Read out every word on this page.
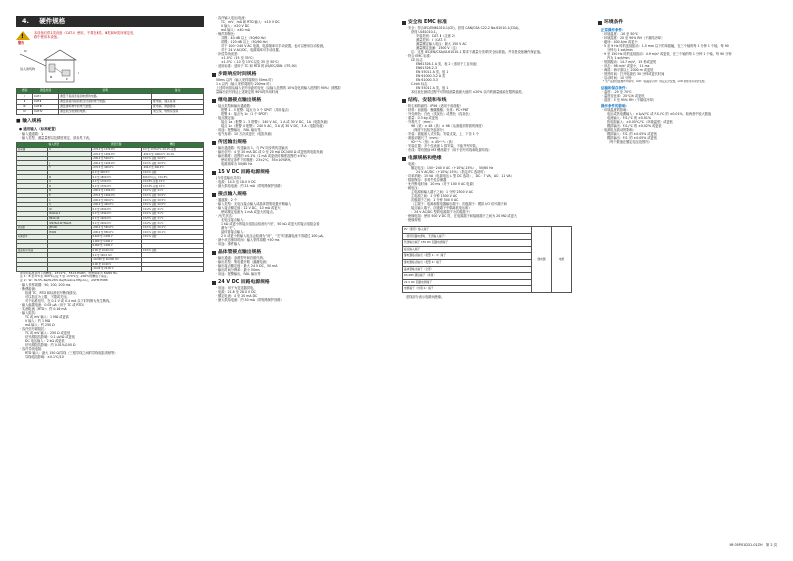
4. 硬件规格
!
警告
本设备仅供1类设备（CAT.I）使用，不要在Ⅱ类、Ⅲ类和Ⅳ类所规定电
路中使用本设备。
Ⅳ
Ⅲ	Ⅱ
Ⅰ
进入建筑物
类别	测量类别	说明	备注
Ⅰ	CAT.Ⅰ	测量不直接连接到电源的电路。	
Ⅱ	CAT.Ⅱ	测量直接连接到低压设备的电气电路。	配电板、插头座等
Ⅲ	CAT.Ⅲ	测量建筑物中的电气装置。	配电板、断路器等
Ⅳ	CAT.Ⅳ	测量低压电源的电源。	架空线、电缆系统等
■ 输入规格
● 通用输入（标准配置）
· 输入通道数：1
· 输入类型、测量量程以及精度规定，请参见下表。
输入类型		测量范围	精度
热电偶	K	-270.0 至 1370.0℃	0.0 至 1370.0℃ ±0.1% 读数
		-270.0 至 1000.0℃	-200.0 至 1000.0℃ ±0.1%
		-200.0 至 500.0℃	±0.1% 读数 ±0.5℃
	J	-200.0 至 1200.0℃	±0.1% 读数 ±0.5℃
	T	-270.0 至 400.0℃	-200.0 至 400.0℃
		0.0 至 400.0℃	±0.1% 读数
	B	0.0 至 1800.0℃	400.0℃以上 ±0.15%
	S	0.0 至 1700.0℃	±0.15% 读数 ±1℃
	R	0.0 至 1700.0℃	±0.15% 读数 ±1℃
	N	-200.0 至 1300.0℃	±0.1% 读数 ±1℃
	E	-270.0 至 1000.0℃	±0.1% 读数 ±0.5℃
	L	-200.0 至 900.0℃	±0.1% 读数 ±0.5℃
	U	-200.0 至 400.0℃	±0.1% 读数 ±0.5℃
	W	0.0 至 2300.0℃	±0.2% 读数 ±1℃
	Platinel 2	0.0 至 1390.0℃	±0.1% 读数 ±1℃
	PR20-40	0.0 至 1900.0℃	±0.5% 读数 ±1℃
	W97Re3-W75Re25	0.0 至 2000.0℃	±0.2% 读数 ±1℃
热电阻	JPt100	-200.0 至 500.0℃	±0.1% 读数 ±0.1℃
	Pt100	-200.0 至 850.0℃	±0.1% 读数 ±0.1℃
标准信号		0.400 至 2.000 V	±0.1% 读数
		1.000 至 5.000 V	
		0.000 至 1.000 V	
直流电压/电流		0.00 至 10.00 mV	±0.1% 读数
		0.0 至 100.0 mV	
		-10.000 至 20.000 mV	
		0.00 至 10.00 V	
		-10.00 至 20.00 V	
使用所标准条件下的精度。23±2℃，55±10%RH，电源频率为 50/60 Hz。
注 1：B 型 0℃至 400℃以及 T 型 -270℃至 -200℃时精度不保证。
注 2：W：W-5% Re/W-26% Re(Hoskins Mfg.Co.)，ASTM E988
· 输入采样周期：50, 100, 200 ms
· 断偶检测：
检测 TC、RTD 和标准信号断线情况。
可以指定为上限、下限或关闭。
对于标准信号，在 0.1 V 或 0.4 mA 以下时判断为发生断线。
· 输入偏置电流：0.05 μA（用于 TC 或 RTD）
· 实测电流（RTD）：约 0.16 mA
· 输入阻抗：
TC 或 mV 输入：1 MΩ 或更高
V 输入：约 1 MΩ
mA 输入：约 250 Ω
· 容许信号源阻抗：
TC 或 mV 输入：250 Ω 或更低
信号源阻抗影响：0.1 μV/Ω 或更低
DC 电压输入：2 kΩ 或更低
信号源阻抗影响：约 0.01%/100 Ω
· 容许导线电阻：
RTD 输入：最大 150 Ω/导线（三根导线之间的导线电阻须相等）
导线电阻影响：±0.1℃/10
· 容许输入电压/电流：
TC、mV、mA 和 RTD 输入：±10 V DC
V 输入：±20 V DC
mA 输入：±40 mA
· 噪声抑制比：
共模：40 dB 以上（50/60 Hz）
常模：120 dB 以上（50/60 Hz）
对于 100~240 V AC 电源，电源频率可手动设置。也可以使用自动检测。
对于 24 V AC/DC，电源频率可手动设置。
· 补偿导线误差：
±1.0℃（15 至 35℃）
±1.5℃（-10 至 15℃以及 35 至 50℃）
· 适用标准：适用于 TC 和 RTD 的 JIS/IEC/DIN（ITS-90）
步距响应时间规格
50ms 以内（输入采样周期为 50ms 时）
1 s 以内（输入采样周期为 200ms 时）
上述时间指从输入信号步距的变化（从输入范围的 10%变化到输入范围的 90%）到模拟
量输出信号到达上述规定的 90%时所用时间
继电器接点输出规格
· 接点类型和输出通道数：
报警 1 - 3 报警：接点为 3 个 SPST（共用接点）
报警 4：接点为 1c（1 个 SPDT）
· 接点额定值：
接点 1a（报警 1 - 3 报警）：240 V AC，1 A 或 30 V DC，1A（电阻负载）
接点 1c（报警 4 报警）：240 V AC，3 A 或 30 V DC，3 A（电阻负载）
· 用途：报警输出、FAIL 输出等。
· 电气寿命：10 万次或更长（电阻负载）
传送输出规格
· 输出通道数：传送输出 1，与 PV 同步的传送输出
· 输出信号：4 至 20 mA DC 或 0 至 20 mA DC/400 Ω 或更低的电阻负载
· 输出精度：范围的 ±0.1%（1 mA 或更低时精度范围的 ±5%）
使用规定条件下的精度：23±2℃，55±10%RH。
电源频率为 50/60 Hz
15 V DC 回路电源规格
(与传送输出共用)
· 电源：14.5 至 18.0 V DC
· 最大供给电流：约 21 mA（带短路保护回路）
接点输入规格
· 通道数：2 个
· 输入类型：无电压接点输入或晶体管集电极开路输入
· 输入接点额定值：12 V DC，10 mA 或更大
使用额定电流为 1 mA 或更大的接点。
· 开/关状态：
无电压接点输入：
1 kΩ 或更小的接点电阻会检测为“闭”，50 kΩ 或更大的接点电阻会检
测为“关”。
晶体管接点输入：
2 V 或更小的输入电压会检测为“闭”，“关”时泄漏电流不得超过 100 μA。
· 最小状态保持时间：输入采样周期 +50 ms
· 用途：事件输入
晶体管接点输出规格
· 输出通道：参照型号和后缀代码。
· 输出类型：集电极开路（漏灌电流）
· 输出接点额定值：最大 24 V DC，50 mA
· 输出时间分辨率：最小 50ms
· 用途：报警输出，FAIL 输出等
24 V DC 回路电源规格
· 用途：用于为变送器供电。
· 电源：21.6 至 28.0 V DC
· 额定电流：4 至 20 mA DC
· 最大供给电流：约 30 mA（带短路保护回路）
安全和 EMC 标准
· 安全：符合IEC/EN61010-1(CE)，获得 CAN/CSA C22.2 No.61010-1(CSA)，
获得 UL61010-1。
安装类别：CAT. Ⅱ（注意 2）
测量类别：Ⅰ（CAT. Ⅰ）
测量额定输入电压：最大 150 V AC
测量额定浪涌：1500 V（注）
注：这是 IEC/EN/CSA/UL61010-1 要求下测量分类Ⅰ的安全标准值。并非是设备操作保证值。
· 符合 EMC 标准：
CE 标志
EN61326-1 A 类，表 2（适用于工业用途）
EN61326-2-3
EN 55011 A 类，组 1
EN 61000-3-2 A 类
EN 61000-3-3
C-tick 标志
EN 55011 A 类，组 1
本仪表在测试过程中可持续测量值最大值的 ±20% 以内的测量值能在限的偏差。
结构、安装和布线
· 防尘和防滴性：IP56（适用于前面板）
· 材料：前面板：聚碳酸酯；壳体：PC+PBT
· 外壳颜色：白色（浅灰色）或黑色（浅灰色）
· 重量：0.3 kg 或更低
· 外观尺寸（mm）：
96（宽）× 48（高）× 98（从面板到背面的深度）
（深度不包括突起部分）
· 安装：面板嵌入式安装；安装支架，上、下各 1 个
· 面板切割尺寸（mm）：
92⁺⁰·⁸₀（宽）× 45⁺⁰·⁶₀（高）
· 安装位置：多个仪表嵌 1 排安装，不能并列安装。
· 布线：带有预涂 M3 螺丝端子（用于信号布线和电源布线）
电源规格和绝缘
· 电源：
额定电压：100~240 V AC（+10%/-15%），50/60 Hz
24 V AC/DC（+10%/-15%）（指定/TC 选项时）
· 功率消耗：15 VA（电源电压 L 型 DC 选项），DC：7 VA，AC：11 VA）
· 数据保存：非易失性存储器
· 允许断电时间：20 ms（对于 100 V AC 电源）
· 耐电压：
主电源和输入端子之间：1 分钟 2300 V AC
主电源之间：1 分钟 1500 V AC
次级端子之间：1 分钟 500 V AC
（主端子：电源和继电器输出端子；次级端子：模拟 I/O 信号端子和
接点输入端子。次级端子中隔离低电压和）
：24 V AC/DC 型的电源端子为次级端子）
· 绝缘电阻：使用 500 V DC 时，在电源端子和接地端子之间为 20 MΩ 或更大
· 绝缘规格
PV（通用）输入端子	继电器	电源
（使用回路电源时，无需输入端子）
传送输出端子 15V DC 回路电源端子
接点输入端子
继电器接点输出（报警 1 - 3）端子
继电器接点输出（报警 4）端子
晶体管输出端子（全部）
RS-485 通信端子（选项）
24 V DC 回路电源端子
电源端子（选项 0）端子
虚线部分表示电路间绝缘。
环境条件
正常操作条件：
· 环境温度：-10 至 50℃
· 环境湿度：20 至 90% RH（不凝结冷却）
· 磁场：400 A/m 或更小
· 5 至 9 Hz 时的连续振动：1.5 mm 以下的单振幅，在三个轴的每 1 分钟 1 个轴，每 90
分钟为 1 oct/min
· 9 至 150 Hz 时的连续振动：4.9 m/s² 或更低，在三个轴的每 1 分钟 1 个轴，每 90 分钟
内为 1 oct/min
· 短期振动：14.7 m/s²，15 秒或更短
· 冲击：98 m/s² 或更小，11 ms
· 海拔：海平面以上 2000 m 或更低
· 预热时间：打开电源后 30 分钟或更长时间
· 启动时间：10 分钟
·* 无产品的低温操作环境中，LCD（液晶显示屏）的反应会变慢，LCD 的使用寿命会变短。
运输和保存条件：
· 温度：-25 至 70℃
· 温度变化率：20℃/h 或更低
· 湿度：5 至 95% RH（不凝结冷却）
操作条件的影响：
· 环境温度的影响：
电压或热电偶输入：±1μV/℃ 或 F.S./℃ 的 ±0.01%，取两者中较大数值
电流输入：F.S./℃ 的 ±0.01%
热电阻输入：±0.05℃/℃（环境温度）或更低
模拟输出：F.S./℃ 的 ±0.02% 或更低
· 电源电压波动的影响：
模拟输入：F.S. 的 ±0.05% 或更低
模拟输出：F.S. 的 ±0.05% 或更低
（每个数值在额定电压范围内）
IM 05P01D31-01ZH　第 2 页
